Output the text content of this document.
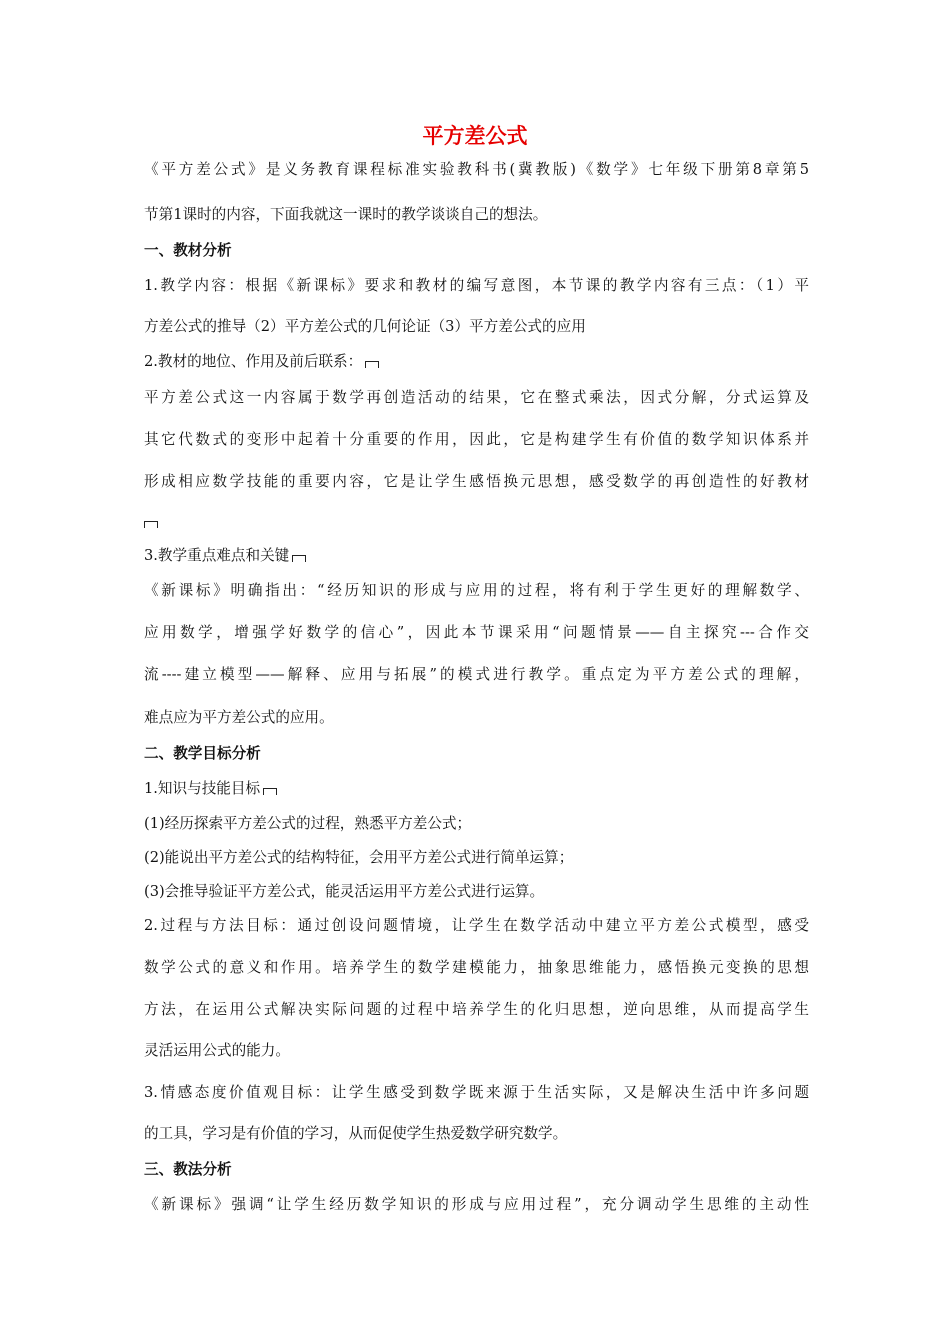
平方差公式
《平方差公式》是义务教育课程标准实验教科书(冀教版)《数学》七年级下册第8章第5
节第1课时的内容，下面我就这一课时的教学谈谈自己的想法。
一、教材分析
1.教学内容：根据《新课标》要求和教材的编写意图，本节课的教学内容有三点：（1）平
方差公式的推导（2）平方差公式的几何论证（3）平方差公式的应用
2.教材的地位、作用及前后联系：
平方差公式这一内容属于数学再创造活动的结果，它在整式乘法，因式分解，分式运算及
其它代数式的变形中起着十分重要的作用，因此，它是构建学生有价值的数学知识体系并
形成相应数学技能的重要内容，它是让学生感悟换元思想，感受数学的再创造性的好教材
3.教学重点难点和关键
《新课标》明确指出：“经历知识的形成与应用的过程，将有利于学生更好的理解数学、
应用数学，增强学好数学的信心”，因此本节课采用“问题情景——自主探究---合作交
流----建立模型——解释、应用与拓展”的模式进行教学。重点定为平方差公式的理解，
难点应为平方差公式的应用。
二、教学目标分析
1.知识与技能目标
(1)经历探索平方差公式的过程，熟悉平方差公式；
(2)能说出平方差公式的结构特征，会用平方差公式进行简单运算；
(3)会推导验证平方差公式，能灵活运用平方差公式进行运算。
2.过程与方法目标：通过创设问题情境，让学生在数学活动中建立平方差公式模型，感受
数学公式的意义和作用。培养学生的数学建模能力，抽象思维能力，感悟换元变换的思想
方法，在运用公式解决实际问题的过程中培养学生的化归思想，逆向思维，从而提高学生
灵活运用公式的能力。
3.情感态度价值观目标：让学生感受到数学既来源于生活实际，又是解决生活中许多问题
的工具，学习是有价值的学习，从而促使学生热爱数学研究数学。
三、教法分析
《新课标》强调“让学生经历数学知识的形成与应用过程”，充分调动学生思维的主动性
